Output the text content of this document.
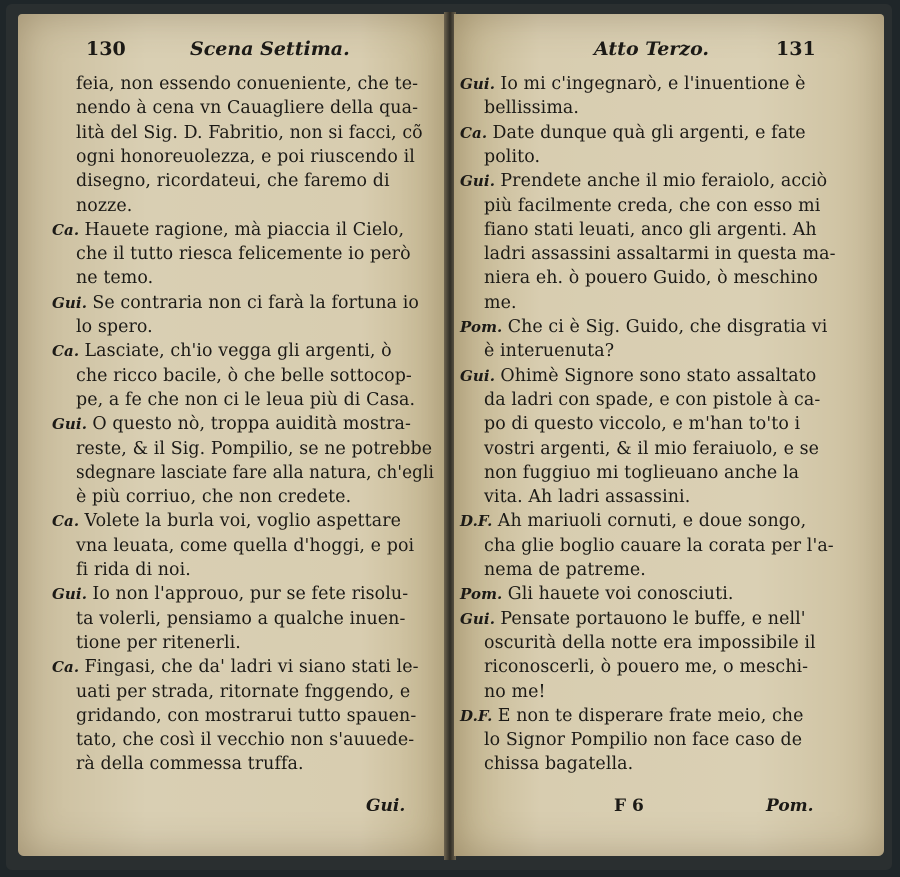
130	Scena Settima.
feia, non essendo conueniente, che te-
nendo à cena vn Cauagliere della qua-
lità del Sig. D. Fabritio, non si facci, cõ
ogni honoreuolezza, e poi riuscendo il
disegno, ricordateui, che faremo di
nozze.
Ca. Hauete ragione, mà piaccia il Cielo,
che il tutto riesca felicemente io però
ne temo.
Gui. Se contraria non ci farà la fortuna io
lo spero.
Ca. Lasciate, ch'io vegga gli argenti, ò
che ricco bacile, ò che belle sottocop-
pe, a fe che non ci le leua più di Casa.
Gui. O questo nò, troppa auidità mostra-
reste, & il Sig. Pompilio, se ne potrebbe
sdegnare lasciate fare alla natura, ch'egli
è più corriuo, che non credete.
Ca. Volete la burla voi, voglio aspettare
vna leuata, come quella d'hoggi, e poi
fi rida di noi.
Gui. Io non l'approuo, pur se fete risolu-
ta volerli, pensiamo a qualche inuen-
tione per ritenerli.
Ca. Fingasi, che da' ladri vi siano stati le-
uati per strada, ritornate fnggendo, e
gridando, con mostrarui tutto spauen-
tato, che così il vecchio non s'auuede-
rà della commessa truffa.
Gui.
Atto Terzo.	131
Gui. Io mi c'ingegnarò, e l'inuentione è
bellissima.
Ca. Date dunque quà gli argenti, e fate
polito.
Gui. Prendete anche il mio feraiolo, acciò
più facilmente creda, che con esso mi
fiano stati leuati, anco gli argenti. Ah
ladri assassini assaltarmi in questa ma-
niera eh. ò pouero Guido, ò meschino
me.
Pom. Che ci è Sig. Guido, che disgratia vi
è interuenuta?
Gui. Ohimè Signore sono stato assaltato
da ladri con spade, e con pistole à ca-
po di questo viccolo, e m'han to'to i
vostri argenti, & il mio feraiuolo, e se
non fuggiuo mi toglieuano anche la
vita. Ah ladri assassini.
D.F. Ah mariuoli cornuti, e doue songo,
cha glie boglio cauare la corata per l'a-
nema de patreme.
Pom. Gli hauete voi conosciuti.
Gui. Pensate portauono le buffe, e nell'
oscurità della notte era impossibile il
riconoscerli, ò pouero me, o meschi-
no me!
D.F. E non te disperare frate meio, che
lo Signor Pompilio non face caso de
chissa bagatella.
F 6	Pom.
